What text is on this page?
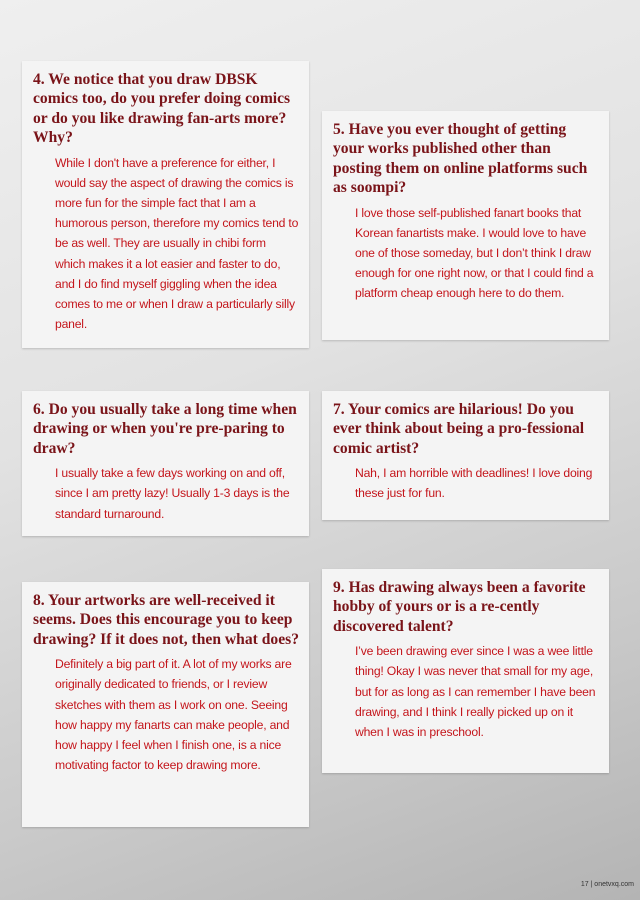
4. We notice that you draw DBSK comics too, do you prefer doing comics or do you like drawing fan-arts more? Why?

While I don't have a preference for either, I would say the aspect of drawing the comics is more fun for the simple fact that I am a humorous person, therefore my comics tend to be as well. They are usually in chibi form which makes it a lot easier and faster to do, and I do find myself giggling when the idea comes to me or when I draw a particularly silly panel.

5. Have you ever thought of getting your works published other than posting them on online platforms such as soompi?

I love those self-published fanart books that Korean fanartists make. I would love to have one of those someday, but I don’t think I draw enough for one right now, or that I could find a platform cheap enough here to do them.

6. Do you usually take a long time when drawing or when you're pre-paring to draw?

I usually take a few days working on and off, since I am pretty lazy! Usually 1-3 days is the standard turnaround.

7. Your comics are hilarious! Do you ever think about being a pro-fessional comic artist?

Nah, I am horrible with deadlines! I love doing these just for fun.

8. Your artworks are well-received it seems. Does this encourage you to keep drawing? If it does not, then what does?

Definitely a big part of it. A lot of my works are originally dedicated to friends, or I review sketches with them as I work on one. Seeing how happy my fanarts can make people, and how happy I feel when I finish one, is a nice motivating factor to keep drawing more.

9. Has drawing always been a favorite hobby of yours or is a re-cently discovered talent?

I’ve been drawing ever since I was a wee little thing! Okay I was never that small for my age, but for as long as I can remember I have been drawing, and I think I really picked up on it when I was in preschool.

17 | onetvxq.com
